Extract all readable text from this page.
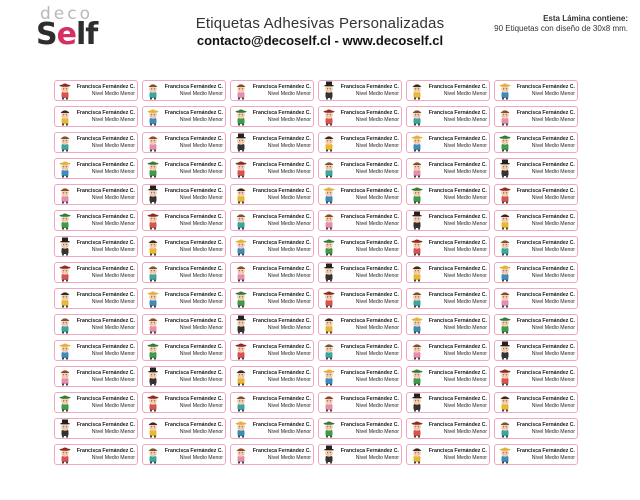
deco
Self	Etiquetas Adhesivas Personalizadas
contacto@decoself.cl - www.decoself.cl
Esta Lámina contiene:
90 Etiquetas con diseño de 30x8 mm.
Francisca Fernández C.
Nivel Medio Menor
Francisca Fernández C.
Nivel Medio Menor
Francisca Fernández C.
Nivel Medio Menor
Francisca Fernández C.
Nivel Medio Menor
Francisca Fernández C.
Nivel Medio Menor
Francisca Fernández C.
Nivel Medio Menor
Francisca Fernández C.
Nivel Medio Menor
Francisca Fernández C.
Nivel Medio Menor
Francisca Fernández C.
Nivel Medio Menor
Francisca Fernández C.
Nivel Medio Menor
Francisca Fernández C.
Nivel Medio Menor
Francisca Fernández C.
Nivel Medio Menor
Francisca Fernández C.
Nivel Medio Menor
Francisca Fernández C.
Nivel Medio Menor
Francisca Fernández C.
Nivel Medio Menor
Francisca Fernández C.
Nivel Medio Menor
Francisca Fernández C.
Nivel Medio Menor
Francisca Fernández C.
Nivel Medio Menor
Francisca Fernández C.
Nivel Medio Menor
Francisca Fernández C.
Nivel Medio Menor
Francisca Fernández C.
Nivel Medio Menor
Francisca Fernández C.
Nivel Medio Menor
Francisca Fernández C.
Nivel Medio Menor
Francisca Fernández C.
Nivel Medio Menor
Francisca Fernández C.
Nivel Medio Menor
Francisca Fernández C.
Nivel Medio Menor
Francisca Fernández C.
Nivel Medio Menor
Francisca Fernández C.
Nivel Medio Menor
Francisca Fernández C.
Nivel Medio Menor
Francisca Fernández C.
Nivel Medio Menor
Francisca Fernández C.
Nivel Medio Menor
Francisca Fernández C.
Nivel Medio Menor
Francisca Fernández C.
Nivel Medio Menor
Francisca Fernández C.
Nivel Medio Menor
Francisca Fernández C.
Nivel Medio Menor
Francisca Fernández C.
Nivel Medio Menor
Francisca Fernández C.
Nivel Medio Menor
Francisca Fernández C.
Nivel Medio Menor
Francisca Fernández C.
Nivel Medio Menor
Francisca Fernández C.
Nivel Medio Menor
Francisca Fernández C.
Nivel Medio Menor
Francisca Fernández C.
Nivel Medio Menor
Francisca Fernández C.
Nivel Medio Menor
Francisca Fernández C.
Nivel Medio Menor
Francisca Fernández C.
Nivel Medio Menor
Francisca Fernández C.
Nivel Medio Menor
Francisca Fernández C.
Nivel Medio Menor
Francisca Fernández C.
Nivel Medio Menor
Francisca Fernández C.
Nivel Medio Menor
Francisca Fernández C.
Nivel Medio Menor
Francisca Fernández C.
Nivel Medio Menor
Francisca Fernández C.
Nivel Medio Menor
Francisca Fernández C.
Nivel Medio Menor
Francisca Fernández C.
Nivel Medio Menor
Francisca Fernández C.
Nivel Medio Menor
Francisca Fernández C.
Nivel Medio Menor
Francisca Fernández C.
Nivel Medio Menor
Francisca Fernández C.
Nivel Medio Menor
Francisca Fernández C.
Nivel Medio Menor
Francisca Fernández C.
Nivel Medio Menor
Francisca Fernández C.
Nivel Medio Menor
Francisca Fernández C.
Nivel Medio Menor
Francisca Fernández C.
Nivel Medio Menor
Francisca Fernández C.
Nivel Medio Menor
Francisca Fernández C.
Nivel Medio Menor
Francisca Fernández C.
Nivel Medio Menor
Francisca Fernández C.
Nivel Medio Menor
Francisca Fernández C.
Nivel Medio Menor
Francisca Fernández C.
Nivel Medio Menor
Francisca Fernández C.
Nivel Medio Menor
Francisca Fernández C.
Nivel Medio Menor
Francisca Fernández C.
Nivel Medio Menor
Francisca Fernández C.
Nivel Medio Menor
Francisca Fernández C.
Nivel Medio Menor
Francisca Fernández C.
Nivel Medio Menor
Francisca Fernández C.
Nivel Medio Menor
Francisca Fernández C.
Nivel Medio Menor
Francisca Fernández C.
Nivel Medio Menor
Francisca Fernández C.
Nivel Medio Menor
Francisca Fernández C.
Nivel Medio Menor
Francisca Fernández C.
Nivel Medio Menor
Francisca Fernández C.
Nivel Medio Menor
Francisca Fernández C.
Nivel Medio Menor
Francisca Fernández C.
Nivel Medio Menor
Francisca Fernández C.
Nivel Medio Menor
Francisca Fernández C.
Nivel Medio Menor
Francisca Fernández C.
Nivel Medio Menor
Francisca Fernández C.
Nivel Medio Menor
Francisca Fernández C.
Nivel Medio Menor
Francisca Fernández C.
Nivel Medio Menor
